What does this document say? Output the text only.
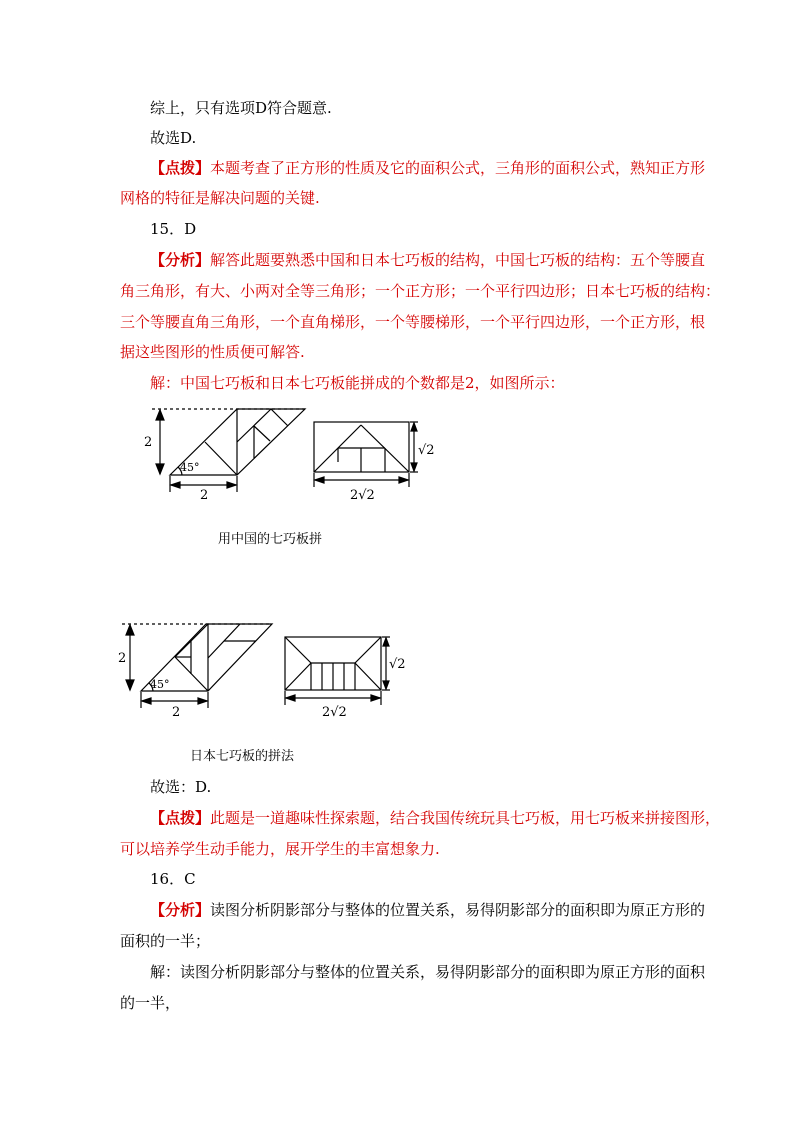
综上，只有选项D符合题意.
故选D.
【点拨】本题考查了正方形的性质及它的面积公式，三角形的面积公式，熟知正方形
网格的特征是解决问题的关键.
15．D
【分析】解答此题要熟悉中国和日本七巧板的结构，中国七巧板的结构：五个等腰直
角三角形，有大、小两对全等三角形；一个正方形；一个平行四边形；日本七巧板的结构：
三个等腰直角三角形，一个直角梯形，一个等腰梯形，一个平行四边形，一个正方形，根
据这些图形的性质便可解答.
解：中国七巧板和日本七巧板能拼成的个数都是2，如图所示：
2
45°
2
√2
2√2
用中国的七巧板拼
2
45°
2
√2
2√2
日本七巧板的拼法
故选：D.
【点拨】此题是一道趣味性探索题，结合我国传统玩具七巧板，用七巧板来拼接图形，
可以培养学生动手能力，展开学生的丰富想象力.
16．C
【分析】读图分析阴影部分与整体的位置关系，易得阴影部分的面积即为原正方形的
面积的一半；
解：读图分析阴影部分与整体的位置关系，易得阴影部分的面积即为原正方形的面积
的一半，
